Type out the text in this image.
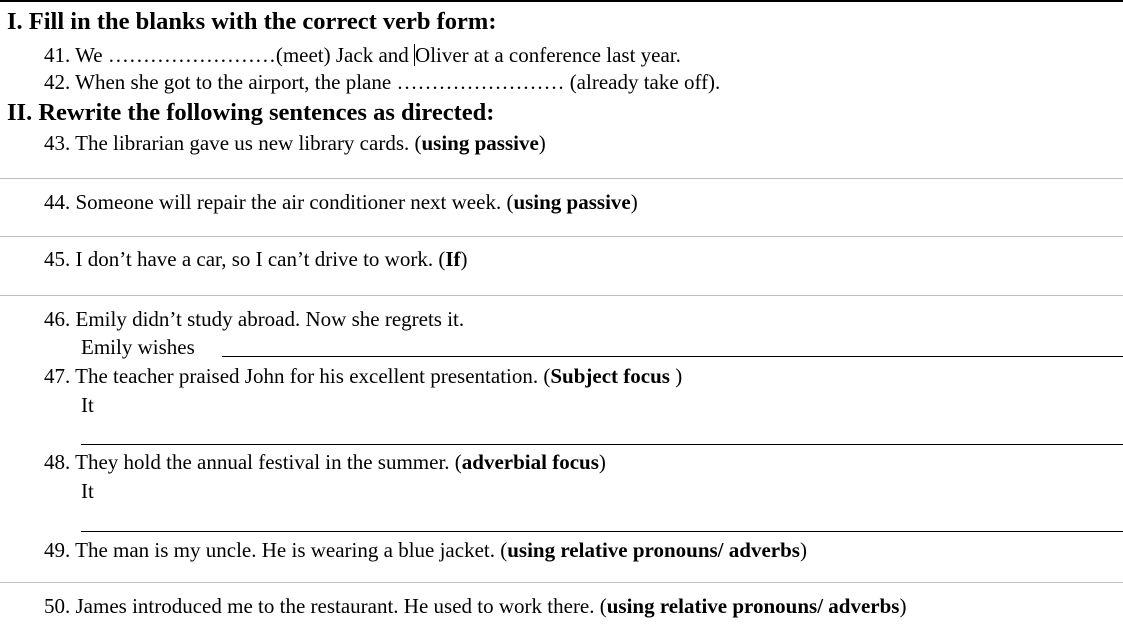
I. Fill in the blanks with the correct verb form:
41. We ……………………(meet) Jack and Oliver at a conference last year.
42. When she got to the airport, the plane …………………… (already take off).
II. Rewrite the following sentences as directed:
43. The librarian gave us new library cards. (using passive)
44. Someone will repair the air conditioner next week. (using passive)
45. I don’t have a car, so I can’t drive to work. (If)
46. Emily didn’t study abroad. Now she regrets it.
Emily wishes
47. The teacher praised John for his excellent presentation. (Subject focus )
It
48. They hold the annual festival in the summer. (adverbial focus)
It
49. The man is my uncle. He is wearing a blue jacket. (using relative pronouns/ adverbs)
50. James introduced me to the restaurant. He used to work there. (using relative pronouns/ adverbs)
